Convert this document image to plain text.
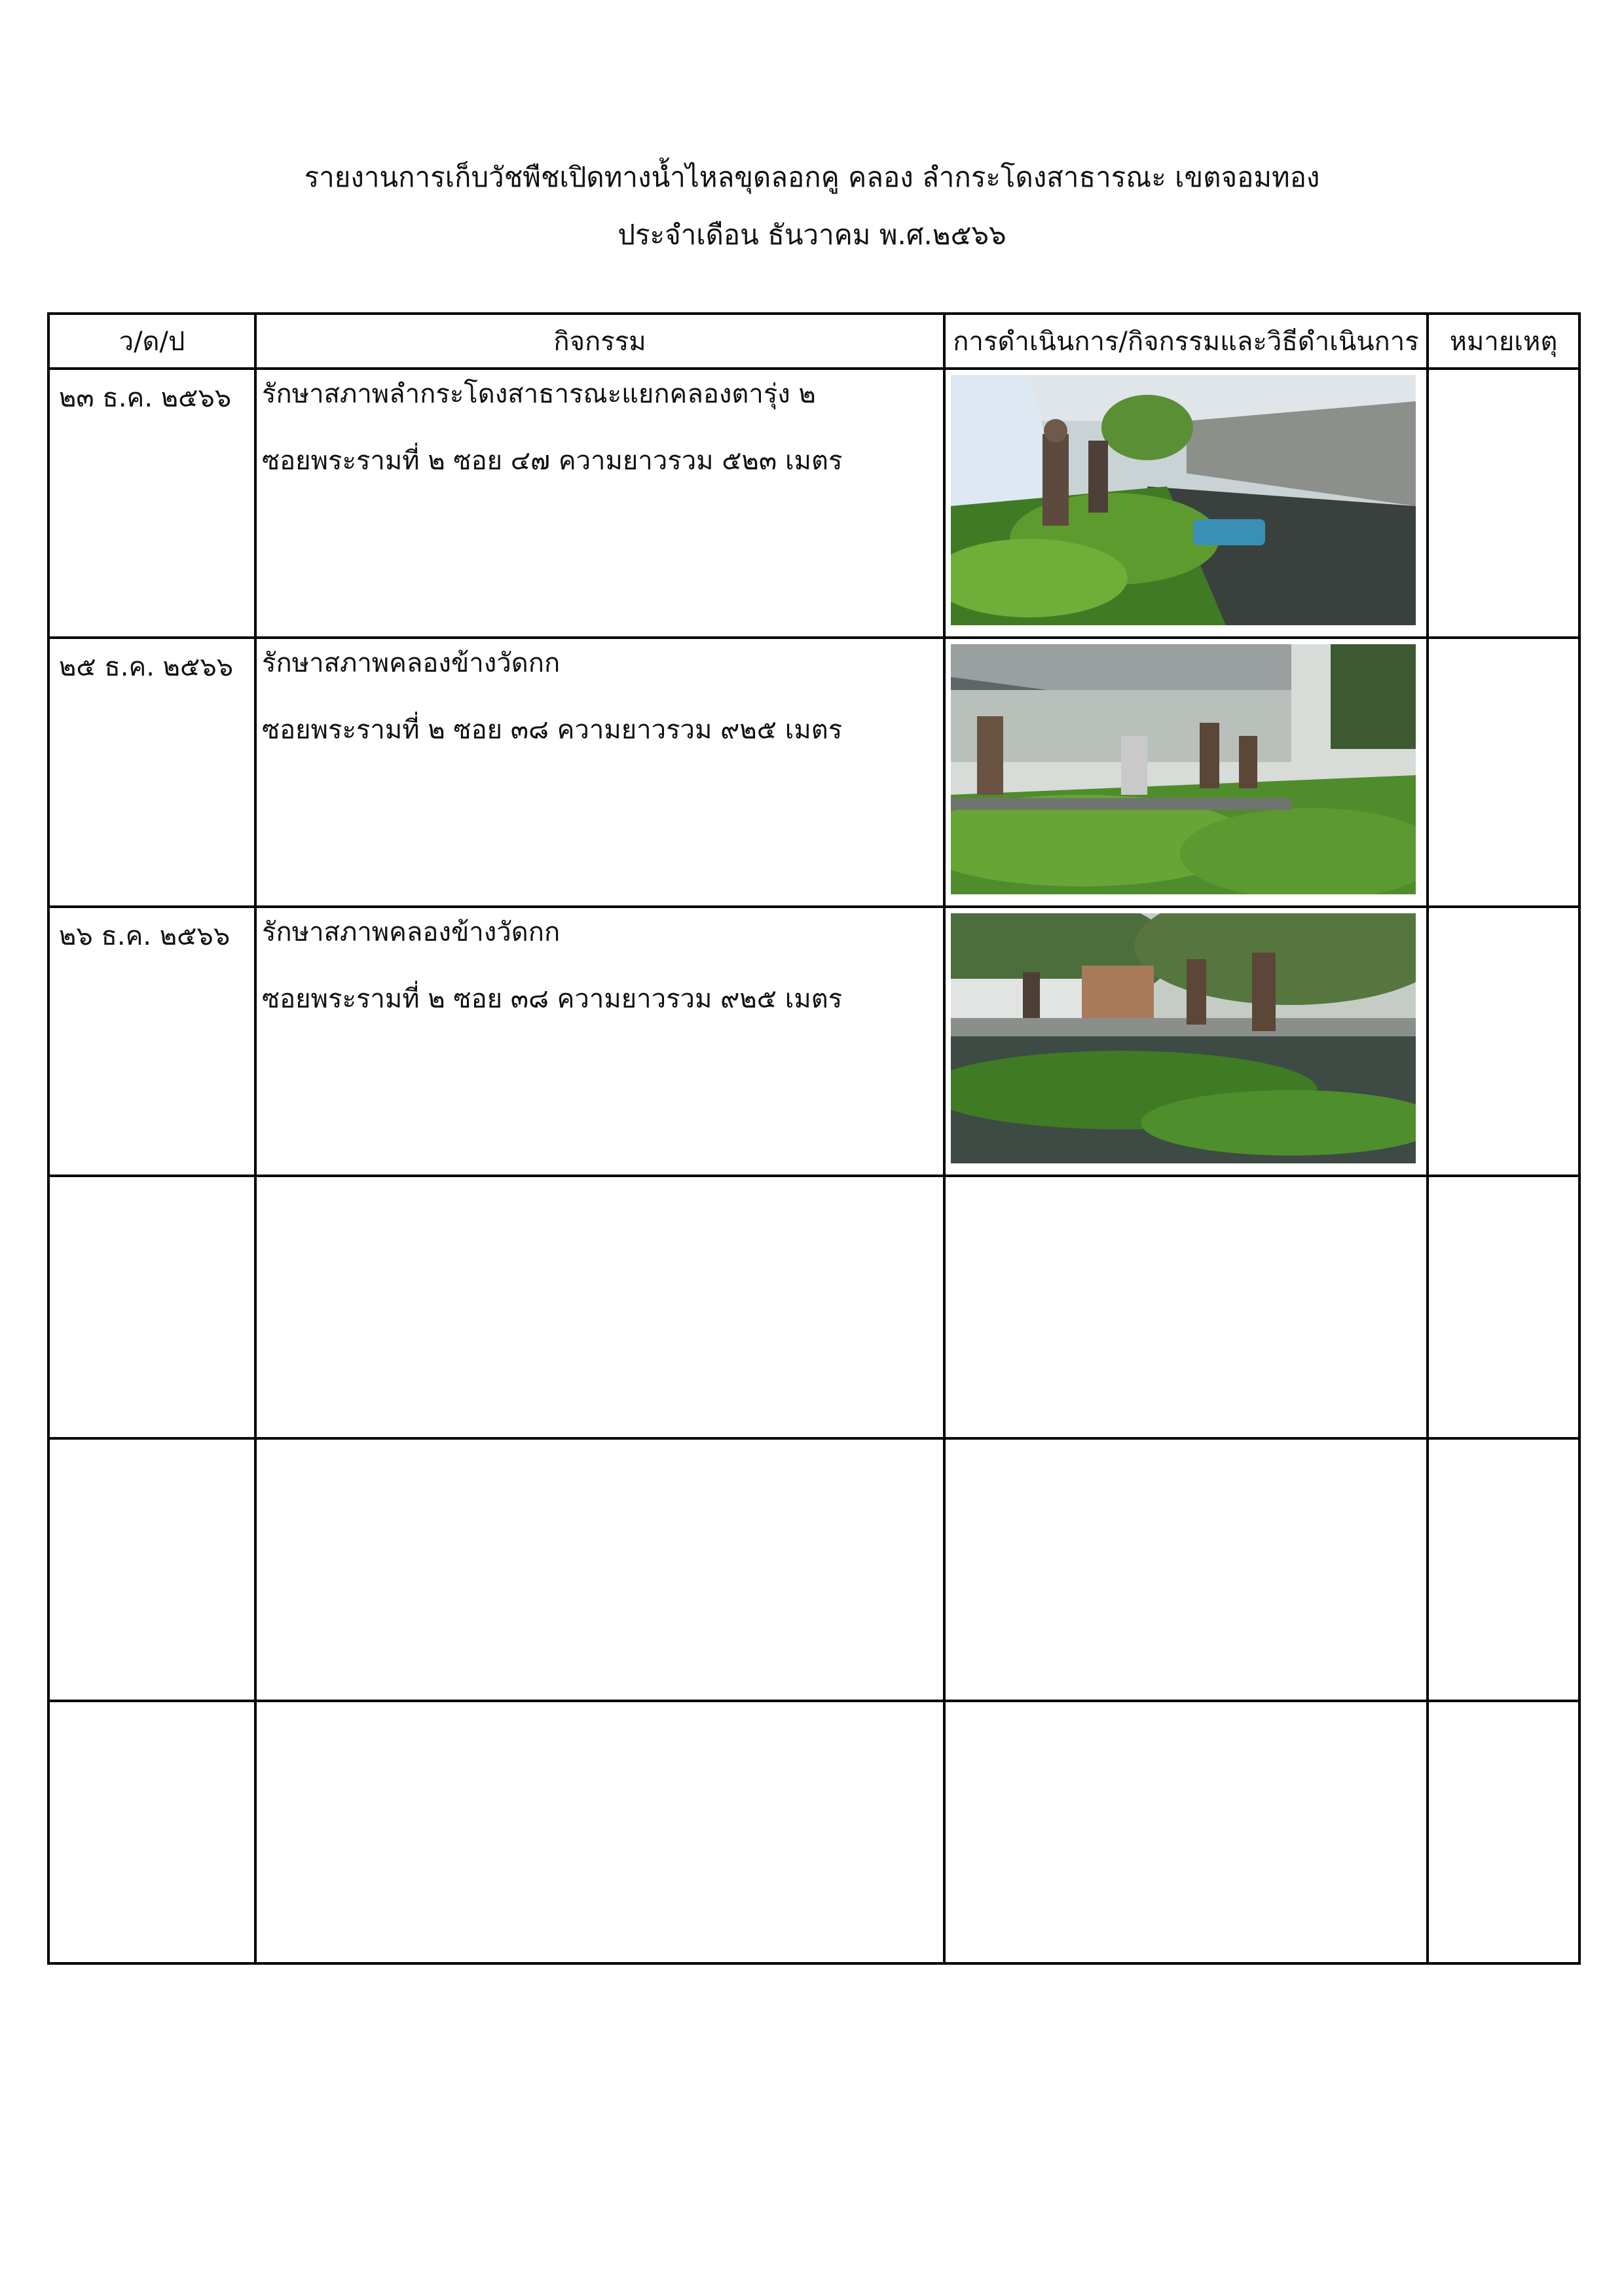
รายงานการเก็บวัชพืชเปิดทางน้ำไหลขุดลอกคู คลอง ลำกระโดงสาธารณะ เขตจอมทอง
ประจำเดือน ธันวาคม พ.ศ.๒๕๖๖
ว/ด/ป	กิจกรรม	การดำเนินการ/กิจกรรมและวิธีดำเนินการ	หมายเหตุ
๒๓ ธ.ค. ๒๕๖๖	รักษาสภาพลำกระโดงสาธารณะแยกคลองตารุ่ง ๒
ซอยพระรามที่ ๒ ซอย ๔๗ ความยาวรวม ๕๒๓ เมตร

๒๕ ธ.ค. ๒๕๖๖	รักษาสภาพคลองข้างวัดกก
ซอยพระรามที่ ๒ ซอย ๓๘ ความยาวรวม ๙๒๕ เมตร

๒๖ ธ.ค. ๒๕๖๖	รักษาสภาพคลองข้างวัดกก
ซอยพระรามที่ ๒ ซอย ๓๘ ความยาวรวม ๙๒๕ เมตร
